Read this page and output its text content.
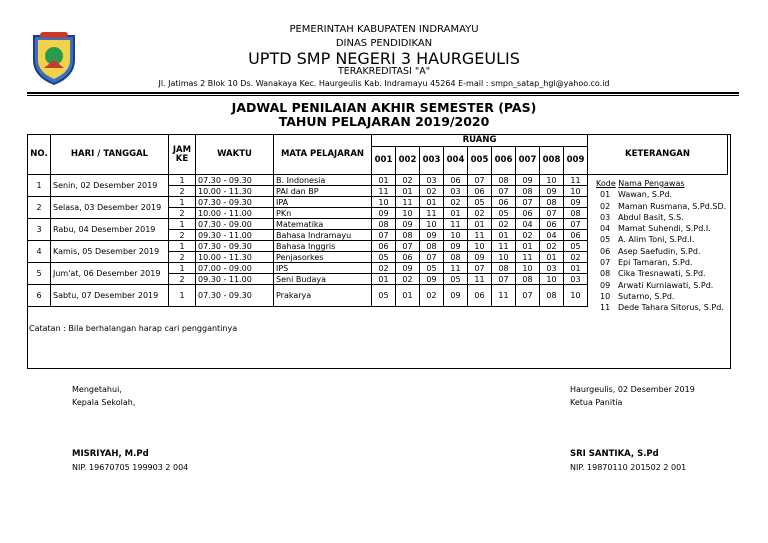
PEMERINTAH KABUPATEN INDRAMAYU
DINAS PENDIDIKAN
UPTD SMP NEGERI 3 HAURGEULIS
TERAKREDITASI "A"
Jl. Jatimas 2 Blok 10 Ds. Wanakaya Kec. Haurgeulis Kab. Indramayu 45264 E-mail : smpn_satap_hgl@yahoo.co.id
JADWAL PENILAIAN AKHIR SEMESTER (PAS)
TAHUN PELAJARAN 2019/2020
NO.	HARI / TANGGAL	JAM
KE	WAKTU	MATA PELAJARAN	RUANG									KETERANGAN
					001	002	003	004	005	006	007	008	009	
1	Senin, 02 Desember 2019	1	07.30 - 09.30	B. Indonesia	01	02	03	06	07	08	09	10	11	
		2	10.00 - 11.30	PAI dan BP	11	01	02	03	06	07	08	09	10	
2	Selasa, 03 Desember 2019	1	07.30 - 09.30	IPA	10	11	01	02	05	06	07	08	09	
		2	10.00 - 11.00	PKn	09	10	11	01	02	05	06	07	08	
3	Rabu, 04 Desember 2019	1	07.30 - 09.00	Matematika	08	09	10	11	01	02	04	06	07	
		2	09.30 - 11.00	Bahasa Indramayu	07	08	09	10	11	01	02	04	06	
4	Kamis, 05 Desember 2019	1	07.30 - 09.30	Bahasa Inggris	06	07	08	09	10	11	01	02	05	
		2	10.00 - 11.30	Penjasorkes	05	06	07	08	09	10	11	01	02	
5	Jum'at, 06 Desember 2019	1	07.00 - 09.00	IPS	02	09	05	11	07	08	10	03	01	
		2	09.30 - 11.00	Seni Budaya	01	02	09	05	11	07	08	10	03	
6	Sabtu, 07 Desember 2019	1	07.30 - 09.30	Prakarya	05	01	02	09	06	11	07	08	10	
Kode Nama Pengawas
01 Wawan, S.Pd.
02 Maman Rusmana, S.Pd.SD.
03 Abdul Basit, S.S.
04 Mamat Suhendi, S.Pd.I.
05 A. Alim Toni, S.Pd.I.
06 Asep Saefudin, S.Pd.
07 Epi Tamaran, S.Pd.
08 Cika Tresnawati, S.Pd.
09 Arwati Kurniawati, S.Pd.
10 Sutarno, S.Pd.
11 Dede Tahara Sitorus, S.Pd.
Catatan : Bila berhalangan harap cari penggantinya
Mengetahui,
Kepala Sekolah,
MISRIYAH, M.Pd
NIP. 19670705 199903 2 004
Haurgeulis, 02 Desember 2019
Ketua Panitia
SRI SANTIKA, S.Pd
NIP. 19870110 201502 2 001
